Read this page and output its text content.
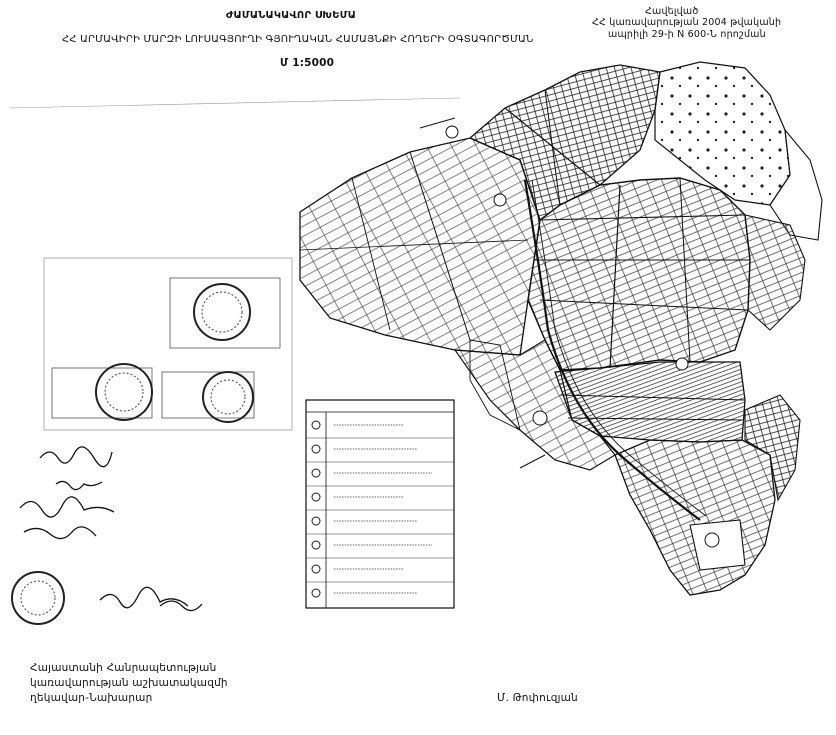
ԺԱՄԱՆԱԿԱՎՈՐ ՍԽԵՄԱ
ՀՀ ԱՐՄԱՎԻՐԻ ՄԱՐԶԻ ԼՈՒՍԱԳՅՈՒՂԻ ԳՅՈՒՂԱԿԱՆ ՀԱՄԱՅՆՔԻ ՀՈՂԵՐԻ ՕԳՏԱԳՈՐԾՄԱՆ
Մ 1:5000
Հավելված
ՀՀ կառավարության 2004 թվականի
ապրիլի 29-ի N 600-Ն որոշման
Հայաստանի Հանրապետության
կառավարության աշխատակազմի
ղեկավար-Նախարար	Մ. Թոփուզյան
